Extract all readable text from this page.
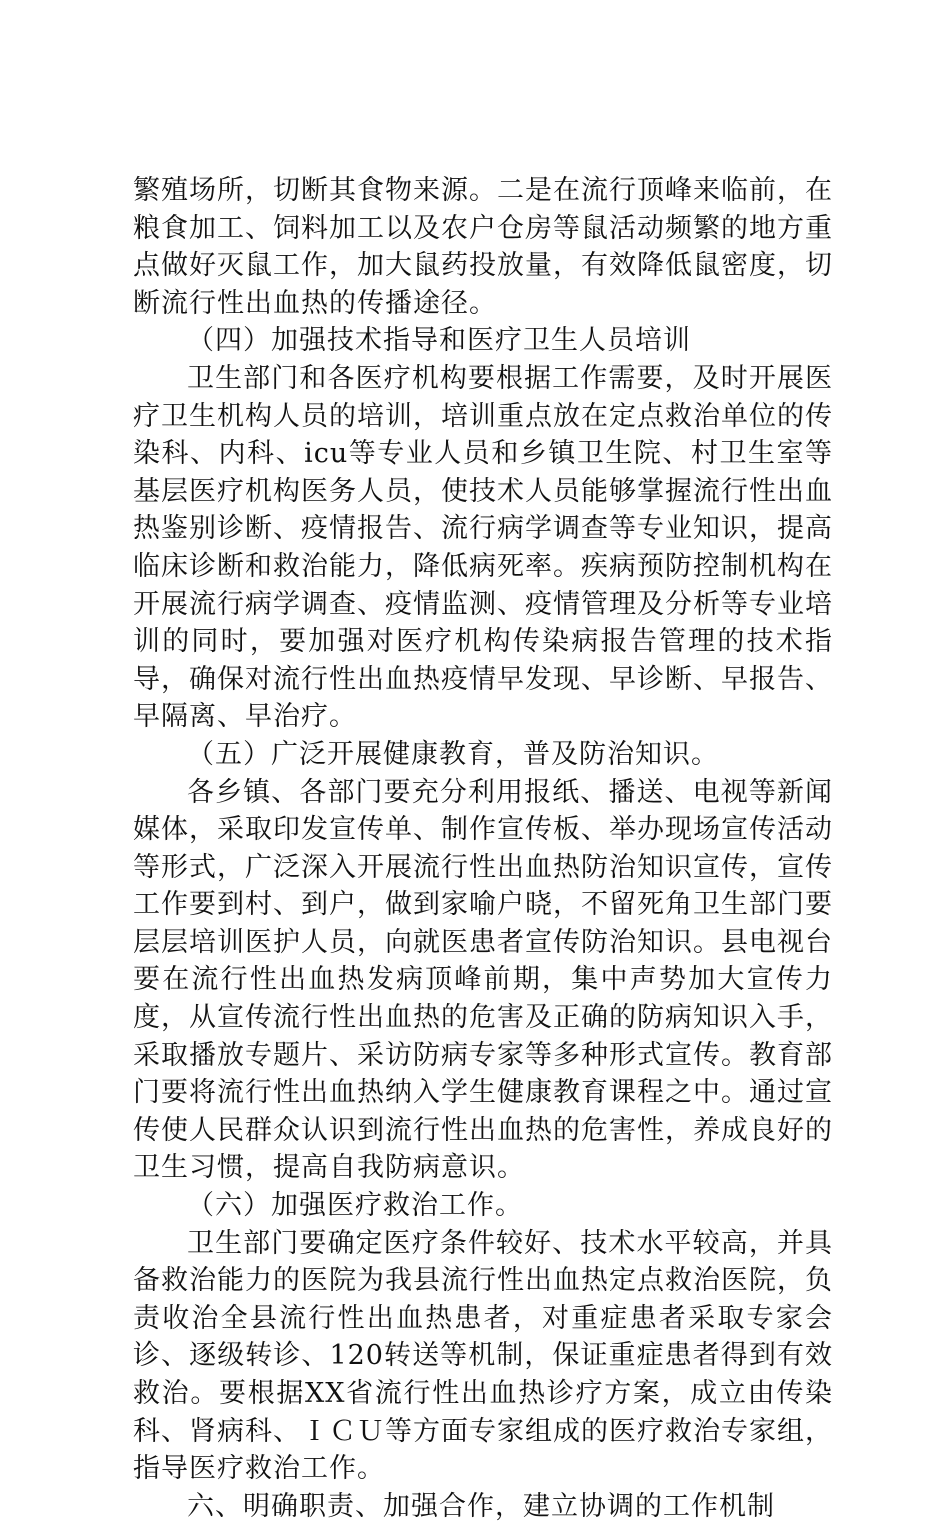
繁殖场所，切断其食物来源。二是在流行顶峰来临前，在粮食加工、饲料加工以及农户仓房等鼠活动频繁的地方重点做好灭鼠工作，加大鼠药投放量，有效降低鼠密度，切断流行性出血热的传播途径。

（四）加强技术指导和医疗卫生人员培训

卫生部门和各医疗机构要根据工作需要，及时开展医疗卫生机构人员的培训，培训重点放在定点救治单位的传染科、内科、icu等专业人员和乡镇卫生院、村卫生室等基层医疗机构医务人员，使技术人员能够掌握流行性出血热鉴别诊断、疫情报告、流行病学调查等专业知识，提高临床诊断和救治能力，降低病死率。疾病预防控制机构在开展流行病学调查、疫情监测、疫情管理及分析等专业培训的同时，要加强对医疗机构传染病报告管理的技术指导，确保对流行性出血热疫情早发现、早诊断、早报告、早隔离、早治疗。

（五）广泛开展健康教育，普及防治知识。

各乡镇、各部门要充分利用报纸、播送、电视等新闻媒体，采取印发宣传单、制作宣传板、举办现场宣传活动等形式，广泛深入开展流行性出血热防治知识宣传，宣传工作要到村、到户，做到家喻户晓，不留死角卫生部门要层层培训医护人员，向就医患者宣传防治知识。县电视台要在流行性出血热发病顶峰前期，集中声势加大宣传力度，从宣传流行性出血热的危害及正确的防病知识入手，采取播放专题片、采访防病专家等多种形式宣传。教育部门要将流行性出血热纳入学生健康教育课程之中。通过宣传使人民群众认识到流行性出血热的危害性，养成良好的卫生习惯，提高自我防病意识。

（六）加强医疗救治工作。

卫生部门要确定医疗条件较好、技术水平较高，并具备救治能力的医院为我县流行性出血热定点救治医院，负责收治全县流行性出血热患者，对重症患者采取专家会诊、逐级转诊、120转送等机制，保证重症患者得到有效救治。要根据XX省流行性出血热诊疗方案，成立由传染科、肾病科、ＩＣＵ等方面专家组成的医疗救治专家组，指导医疗救治工作。

六、明确职责、加强合作，建立协调的工作机制
